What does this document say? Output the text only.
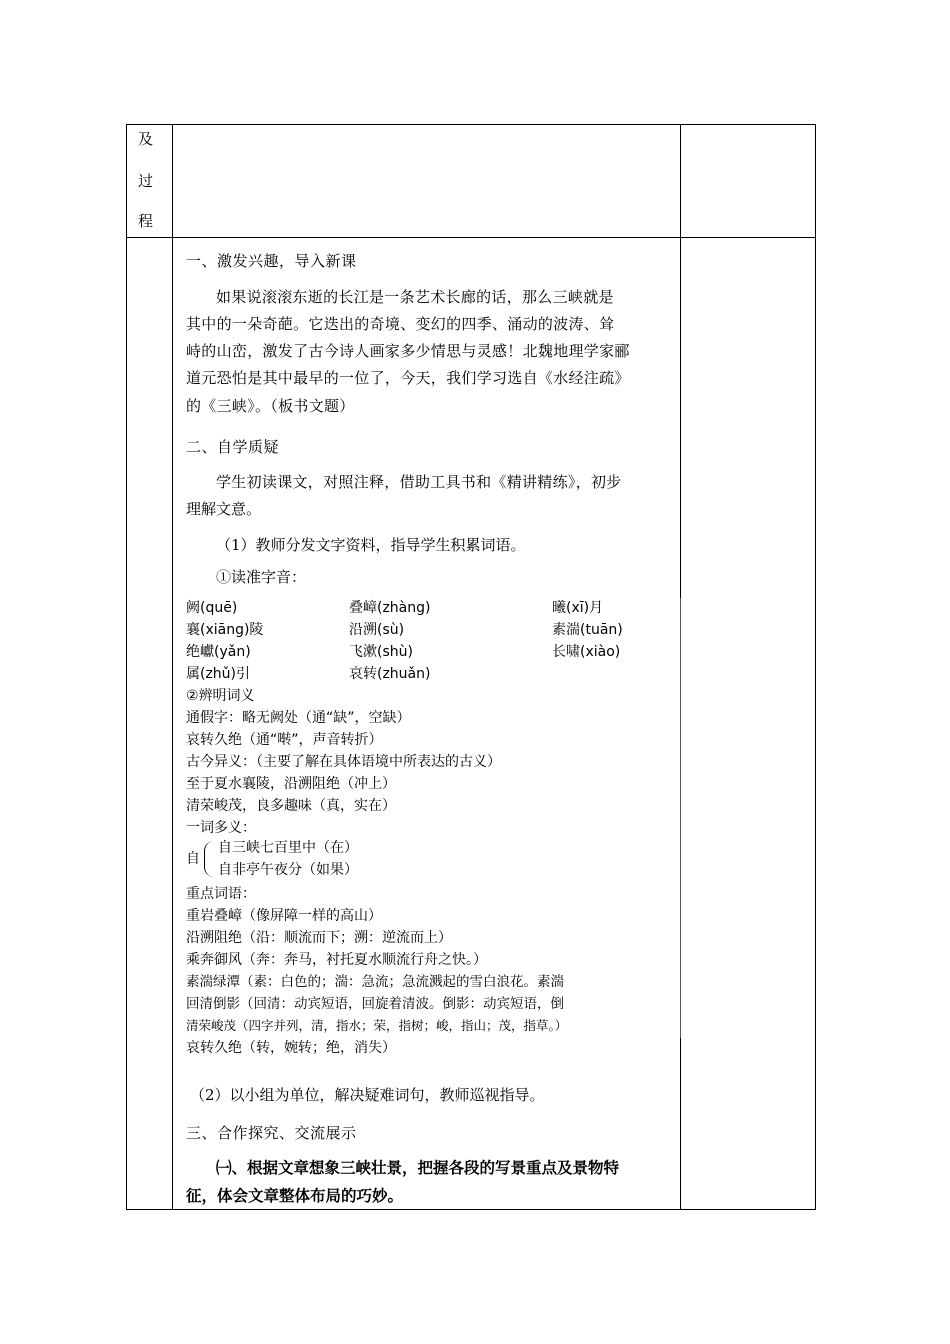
及
过
程
一、激发兴趣，导入新课
如果说滚滚东逝的长江是一条艺术长廊的话，那么三峡就是
其中的一朵奇葩。它迭出的奇境、变幻的四季、涌动的波涛、耸
峙的山峦，激发了古今诗人画家多少情思与灵感！北魏地理学家郦
道元恐怕是其中最早的一位了，今天，我们学习选自《水经注疏》
的《三峡》。（板书文题）
二、自学质疑
学生初读课文，对照注释，借助工具书和《精讲精练》，初步
理解文意。
（1）教师分发文字资料，指导学生积累词语。
①读准字音：
阙(quē)	叠嶂(zhàng)	曦(xī)月
襄(xiāng)陵	沿溯(sù)	素湍(tuān)
绝巘(yǎn)	飞漱(shù)	长啸(xiào)
属(zhǔ)引	哀转(zhuǎn)
②辨明词义
通假字：略无阙处（通“缺”，空缺）
哀转久绝（通“啭”，声音转折）
古今异义：（主要了解在具体语境中所表达的古义）
至于夏水襄陵，沿溯阻绝（冲上）
清荣峻茂，良多趣味（真，实在）
一词多义：
自
自三峡七百里中（在）
自非亭午夜分（如果）
重点词语：
重岩叠嶂（像屏障一样的高山）
沿溯阻绝（沿：顺流而下；溯：逆流而上）
乘奔御风（奔：奔马，衬托夏水顺流行舟之快。）
素湍绿潭（素：白色的；湍：急流；急流溅起的雪白浪花。素湍
回清倒影（回清：动宾短语，回旋着清波。倒影：动宾短语，倒
清荣峻茂（四字并列，清，指水；荣，指树；峻，指山；茂，指草。）
哀转久绝（转，婉转；绝，消失）
（2）以小组为单位，解决疑难词句，教师巡视指导。
三、合作探究、交流展示
㈠、根据文章想象三峡壮景，把握各段的写景重点及景物特
征，体会文章整体布局的巧妙。
